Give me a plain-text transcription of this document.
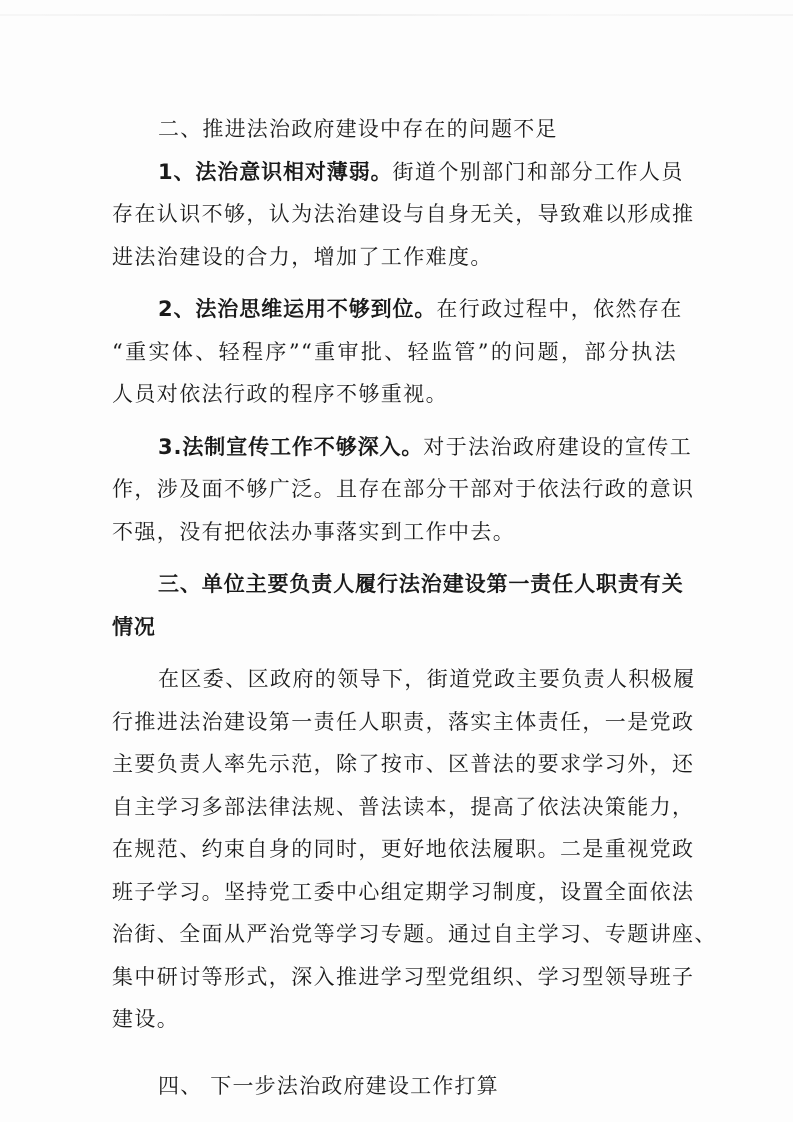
二、推进法治政府建设中存在的问题不足
1、法治意识相对薄弱。街道个别部门和部分工作人员
存在认识不够，认为法治建设与自身无关，导致难以形成推
进法治建设的合力，增加了工作难度。
2、法治思维运用不够到位。在行政过程中，依然存在
“重实体、轻程序”“重审批、轻监管”的问题，部分执法
人员对依法行政的程序不够重视。
3.法制宣传工作不够深入。对于法治政府建设的宣传工
作，涉及面不够广泛。且存在部分干部对于依法行政的意识
不强，没有把依法办事落实到工作中去。
三、单位主要负责人履行法治建设第一责任人职责有关
情况
在区委、区政府的领导下，街道党政主要负责人积极履
行推进法治建设第一责任人职责，落实主体责任，一是党政
主要负责人率先示范，除了按市、区普法的要求学习外，还
自主学习多部法律法规、普法读本，提高了依法决策能力，
在规范、约束自身的同时，更好地依法履职。二是重视党政
班子学习。坚持党工委中心组定期学习制度，设置全面依法
治街、全面从严治党等学习专题。通过自主学习、专题讲座、
集中研讨等形式，深入推进学习型党组织、学习型领导班子
建设。
四、 下一步法治政府建设工作打算
